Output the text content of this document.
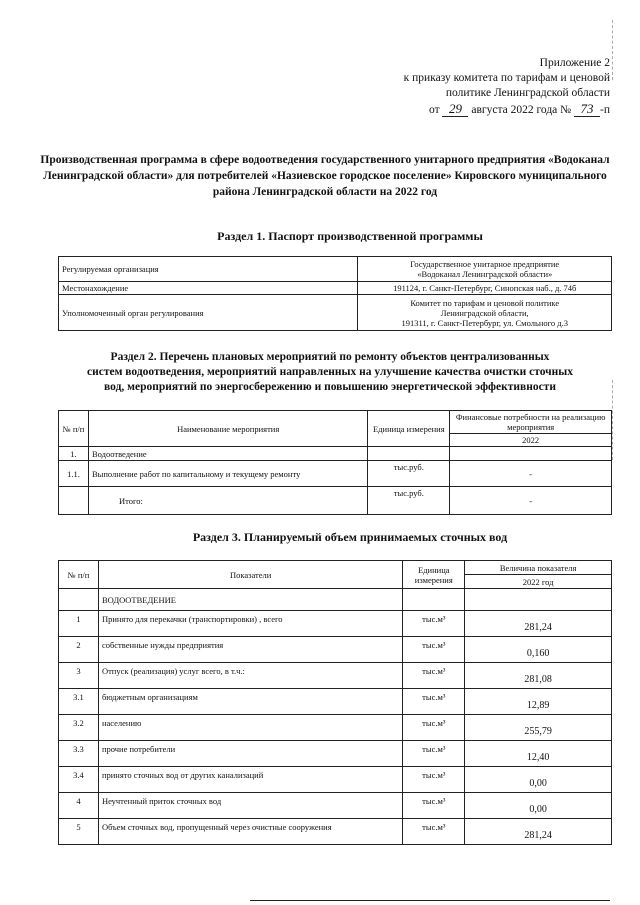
Приложение 2
к приказу комитета по тарифам и ценовой
политике Ленинградской области
от 29 августа 2022 года № 73 -п
Производственная программа в сфере водоотведения государственного унитарного предприятия «Водоканал Ленинградской области» для потребителей «Назиевское городское поселение» Кировского муниципального района Ленинградской области на 2022 год
Раздел 1. Паспорт производственной программы
Регулируемая организация	Государственное унитарное предприятие
«Водоканал Ленинградской области»

Местонахождение	191124, г. Санкт-Петербург, Синопская наб., д. 74б
Уполномоченный орган регулирования	Комитет по тарифам и ценовой политике
Ленинградской области,
191311, г. Санкт-Петербург, ул. Смольного д.3
Раздел 2. Перечень плановых мероприятий по ремонту объектов централизованных
систем водоотведения, мероприятий направленных на улучшение качества очистки сточных
вод, мероприятий по энергосбережению и повышению энергетической эффективности
№ п/п	Наименование мероприятия	Единица измерения	Финансовые потребности на реализацию мероприятия
			2022
1.	Водоотведение		
1.1.	Выполнение работ по капитальному и текущему ремонту	тыс.руб.	-
	Итого:	тыс.руб.	-
Раздел 3. Планируемый объем принимаемых сточных вод
№ п/п	Показатели	Единица измерения	Величина показателя
			2022 год
	ВОДООТВЕДЕНИЕ		
1	Принято для перекачки (транспортировки) , всего	тыс.м³	281,24
2	собственные нужды предприятия	тыс.м³	0,160
3	Отпуск (реализация) услуг всего, в т.ч.:	тыс.м³	281,08
3.1	бюджетным организациям	тыс.м³	12,89
3.2	населению	тыс.м³	255,79
3.3	прочие потребители	тыс.м³	12,40
3.4	принято сточных вод от других канализаций	тыс.м³	0,00
4	Неучтенный приток сточных вод	тыс.м³	0,00
5	Объем сточных вод, пропущенный через очистные сооружения	тыс.м³	281,24
